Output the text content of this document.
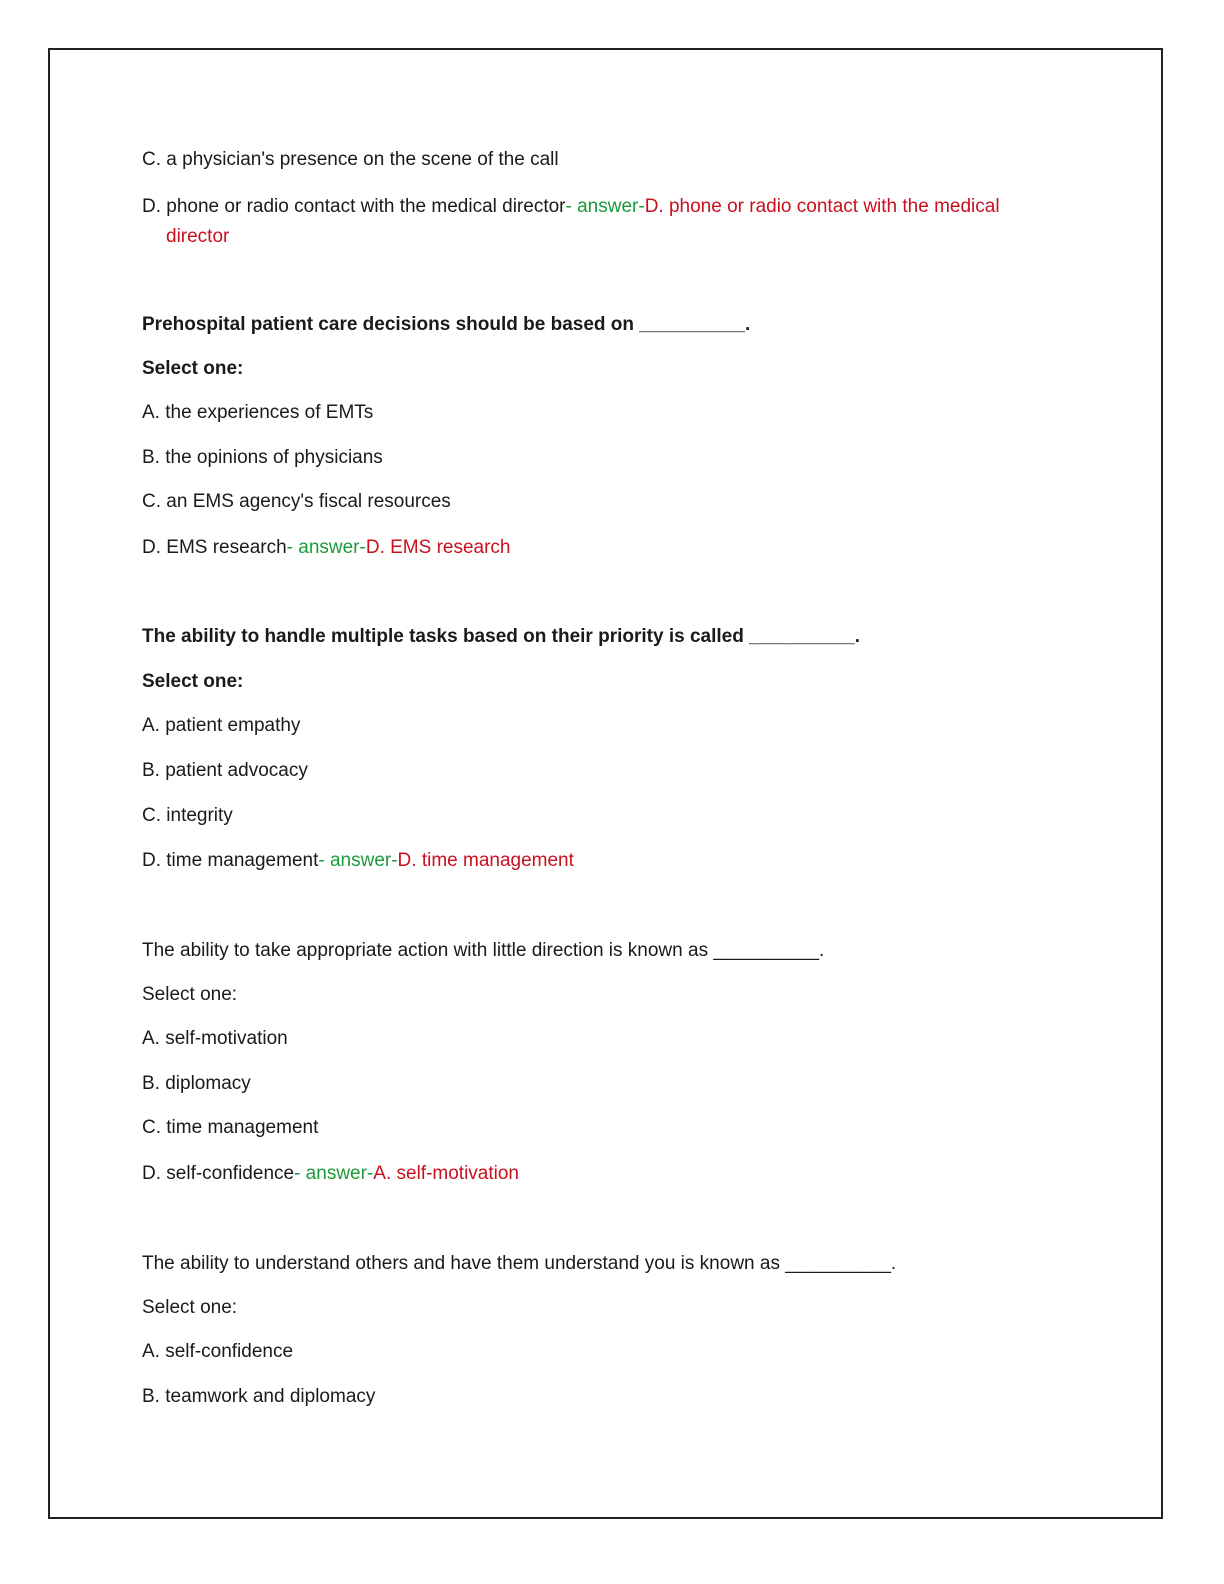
C. a physician's presence on the scene of the call
D. phone or radio contact with the medical director- answer-D. phone or radio contact with the medical
director
Prehospital patient care decisions should be based on __________.
Select one:
A. the experiences of EMTs
B. the opinions of physicians
C. an EMS agency's fiscal resources
D. EMS research- answer-D. EMS research
The ability to handle multiple tasks based on their priority is called __________.
Select one:
A. patient empathy
B. patient advocacy
C. integrity
D. time management- answer-D. time management
The ability to take appropriate action with little direction is known as __________.
Select one:
A. self-motivation
B. diplomacy
C. time management
D. self-confidence- answer-A. self-motivation
The ability to understand others and have them understand you is known as __________.
Select one:
A. self-confidence
B. teamwork and diplomacy
